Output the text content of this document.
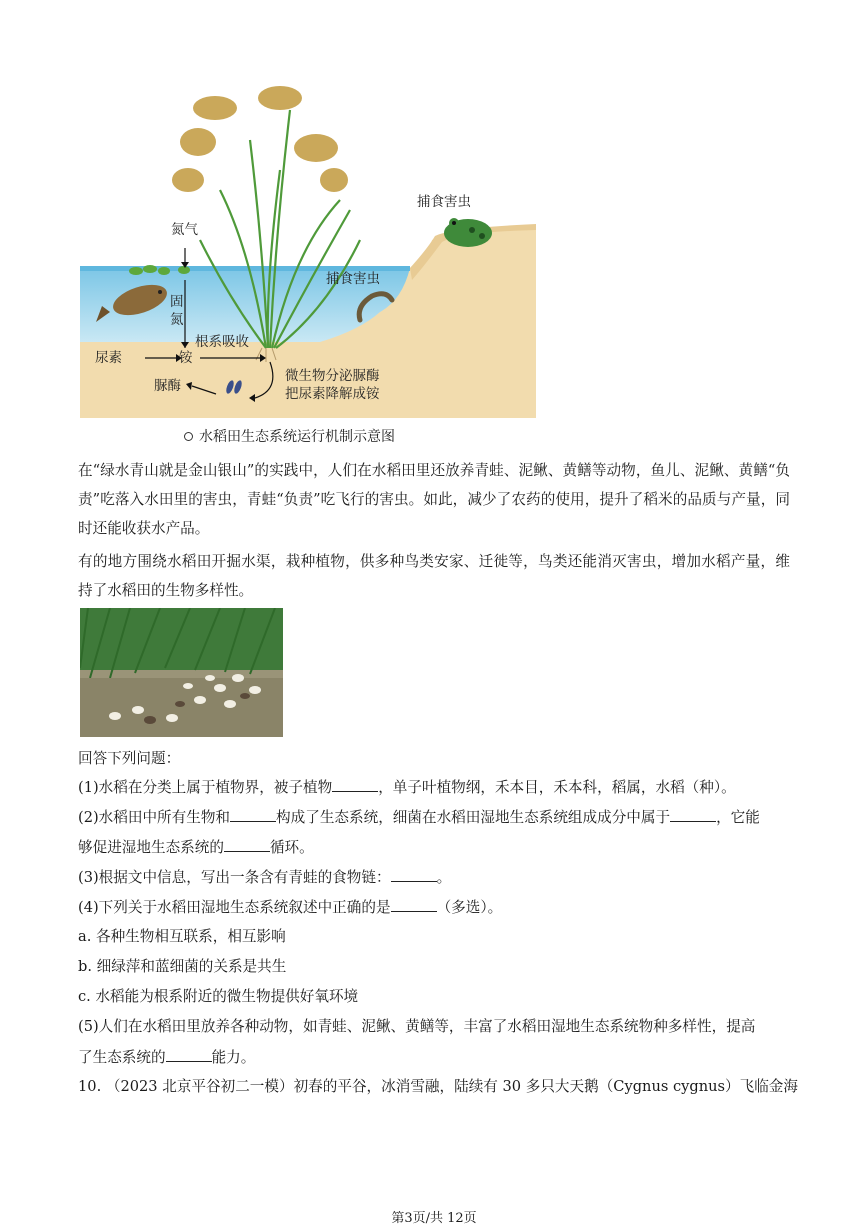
氮气
固
氮
尿素	铵
根系吸收
脲酶
微生物分泌脲酶
把尿素降解成铵
捕食害虫
捕食害虫
水稻田生态系统运行机制示意图
在“绿水青山就是金山银山”的实践中，人们在水稻田里还放养青蛙、泥鳅、黄鳝等动物，鱼儿、泥鳅、黄鳝“负责”吃落入水田里的害虫，青蛙“负责”吃飞行的害虫。如此，减少了农药的使用，提升了稻米的品质与产量，同时还能收获水产品。
有的地方围绕水稻田开掘水渠，栽种植物，供多种鸟类安家、迁徙等，鸟类还能消灭害虫，增加水稻产量，维持了水稻田的生物多样性。
回答下列问题：
(1)水稻在分类上属于植物界，被子植物	，单子叶植物纲，禾本目，禾本科，稻属，水稻（种）。
(2)水稻田中所有生物和	构成了生态系统，细菌在水稻田湿地生态系统组成成分中属于	，它能
够促进湿地生态系统的	循环。
(3)根据文中信息，写出一条含有青蛙的食物链：	。
(4)下列关于水稻田湿地生态系统叙述中正确的是	（多选）。
a. 各种生物相互联系，相互影响
b. 细绿萍和蓝细菌的关系是共生
c. 水稻能为根系附近的微生物提供好氧环境
(5)人们在水稻田里放养各种动物，如青蛙、泥鳅、黄鳝等，丰富了水稻田湿地生态系统物种多样性，提高
了生态系统的	能力。
10. （2023 北京平谷初二一模）初春的平谷，冰消雪融，陆续有 30 多只大天鹅（Cygnus cygnus）飞临金海
第3页/共 12页
